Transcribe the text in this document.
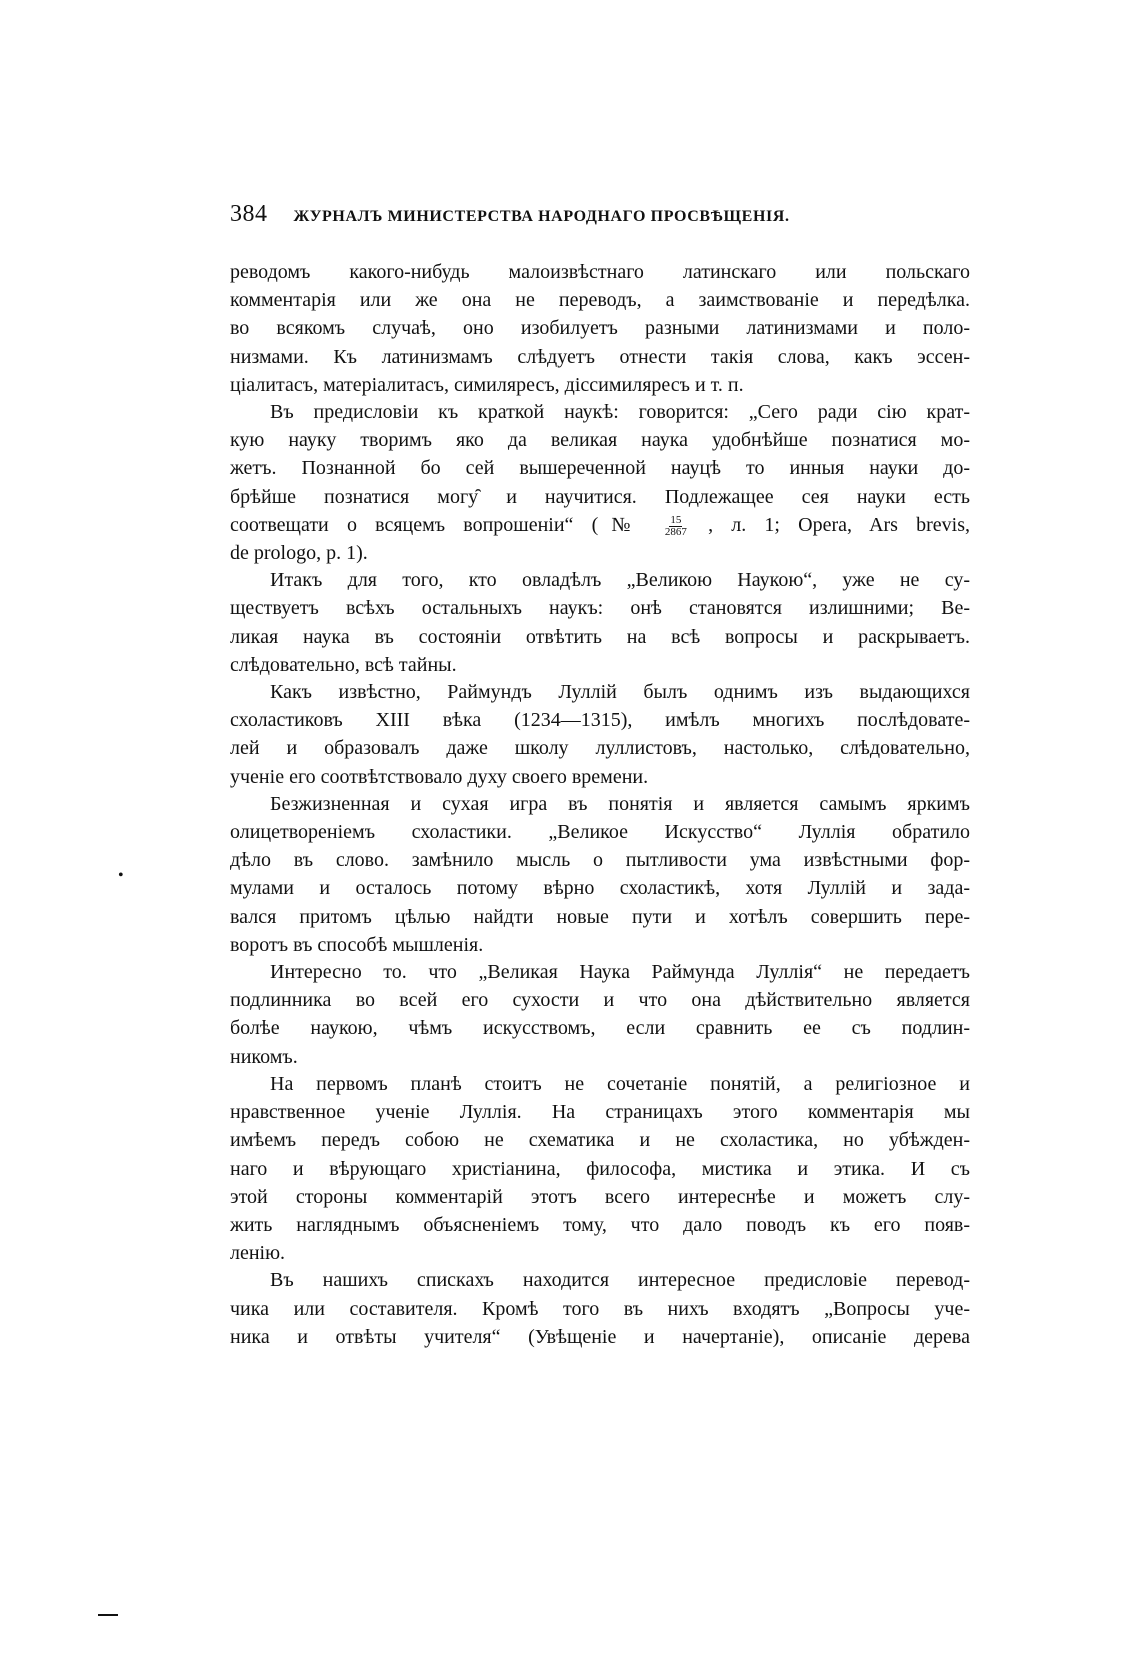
384 ЖУРНАЛЪ МИНИСТЕРСТВА НАРОДНАГО ПРОСВѢЩЕНІЯ.
реводомъ какого-нибудь малоизвѣстнаго латинскаго или польскаго
комментарія или же она не переводъ, а заимствованіе и передѣлка.
во всякомъ случаѣ, оно изобилуетъ разными латинизмами и поло-
низмами. Къ латинизмамъ слѣдуетъ отнести такія слова, какъ эссен-
ціалитасъ, матеріалитасъ, симиляресъ, діссимиляресъ и т. п.
Въ предисловіи къ краткой наукѣ: говорится: „Сего ради сію крат-
кую науку творимъ яко да великая наука удобнѣйше познатися мо-
жетъ. Познанной бо сей вышереченной науцѣ то инныя науки до-
брѣйше познатися могу̑ и научитися. Подлежащее сея науки есть
соотвещати о всяцемъ вопрошеніи“ (№ $\frac{15}{2867}$ , л. 1; Opera, Ars brevis,
de prologo, p. 1).
Итакъ для того, кто овладѣлъ „Великою Наукою“, уже не су-
ществуетъ всѣхъ остальныхъ наукъ: онѣ становятся излишними; Ве-
ликая наука въ состояніи отвѣтить на всѣ вопросы и раскрываетъ.
слѣдовательно, всѣ тайны.
Какъ извѣстно, Раймундъ Луллій былъ однимъ изъ выдающихся
схоластиковъ XIII вѣка (1234—1315), имѣлъ многихъ послѣдовате-
лей и образовалъ даже школу луллистовъ, настолько, слѣдовательно,
ученіе его соотвѣтствовало духу своего времени.
Безжизненная и сухая игра въ понятія и является самымъ яркимъ
олицетвореніемъ схоластики. „Великое Искусство“ Луллія обратило
дѣло въ слово. замѣнило мысль о пытливости ума извѣстными фор-
мулами и осталось потому вѣрно схоластикѣ, хотя Луллій и зада-
вался притомъ цѣлью найдти новые пути и хотѣлъ совершить пере-
воротъ въ способѣ мышленія.
Интересно то. что „Великая Наука Раймунда Луллія“ не передаетъ
подлинника во всей его сухости и что она дѣйствительно является
болѣе наукою, чѣмъ искусствомъ, если сравнить ее съ подлин-
никомъ.
На первомъ планѣ стоитъ не сочетаніе понятій, а религіозное и
нравственное ученіе Луллія. На страницахъ этого комментарія мы
имѣемъ передъ собою не схематика и не схоластика, но убѣжден-
наго и вѣрующаго христіанина, философа, мистика и этика. И съ
этой стороны комментарій этотъ всего интереснѣе и можетъ слу-
жить нагляднымъ объясненіемъ тому, что дало поводъ къ его появ-
ленію.
Въ нашихъ спискахъ находится интересное предисловіе перевод-
чика или составителя. Кромѣ того въ нихъ входятъ „Вопросы уче-
ника и отвѣты учителя“ (Увѣщеніе и начертаніе), описаніе дерева
•
